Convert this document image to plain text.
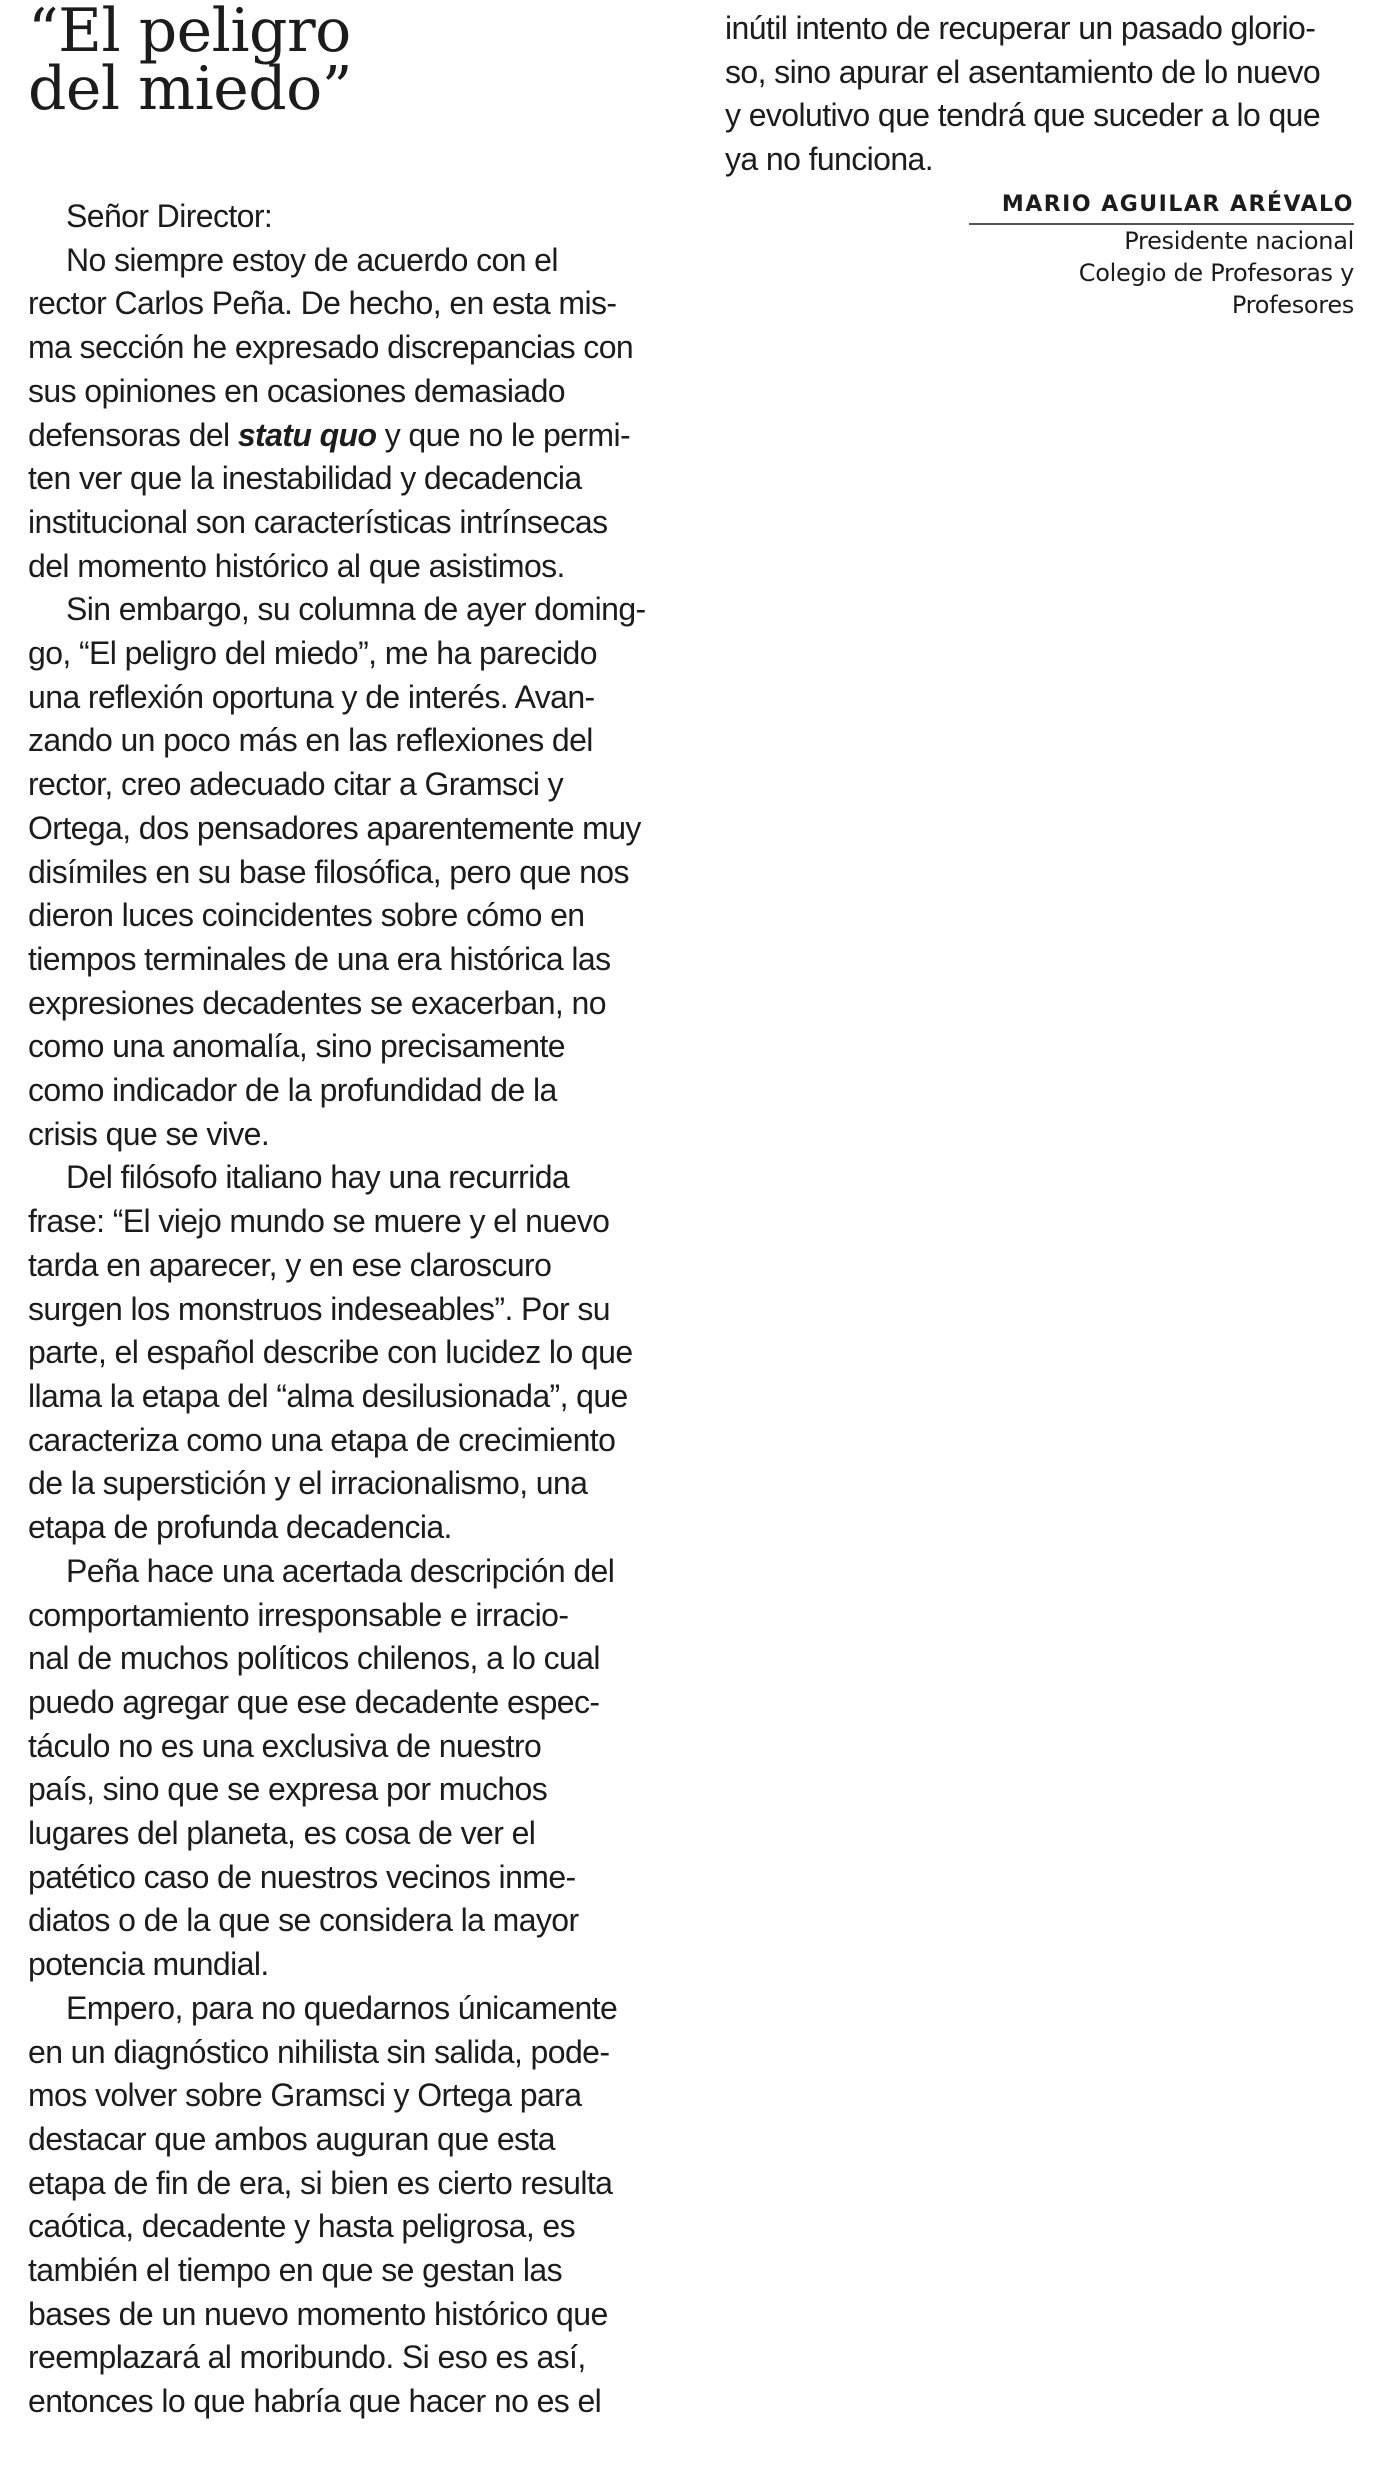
“El peligro
del miedo”
Señor Director:
No siempre estoy de acuerdo con el
rector Carlos Peña. De hecho, en esta mis-
ma sección he expresado discrepancias con
sus opiniones en ocasiones demasiado
defensoras del statu quo y que no le permi-
ten ver que la inestabilidad y decadencia
institucional son características intrínsecas
del momento histórico al que asistimos.
Sin embargo, su columna de ayer doming-
go, “El peligro del miedo”, me ha parecido
una reflexión oportuna y de interés. Avan-
zando un poco más en las reflexiones del
rector, creo adecuado citar a Gramsci y
Ortega, dos pensadores aparentemente muy
disímiles en su base filosófica, pero que nos
dieron luces coincidentes sobre cómo en
tiempos terminales de una era histórica las
expresiones decadentes se exacerban, no
como una anomalía, sino precisamente
como indicador de la profundidad de la
crisis que se vive.
Del filósofo italiano hay una recurrida
frase: “El viejo mundo se muere y el nuevo
tarda en aparecer, y en ese claroscuro
surgen los monstruos indeseables”. Por su
parte, el español describe con lucidez lo que
llama la etapa del “alma desilusionada”, que
caracteriza como una etapa de crecimiento
de la superstición y el irracionalismo, una
etapa de profunda decadencia.
Peña hace una acertada descripción del
comportamiento irresponsable e irracio-
nal de muchos políticos chilenos, a lo cual
puedo agregar que ese decadente espec-
táculo no es una exclusiva de nuestro
país, sino que se expresa por muchos
lugares del planeta, es cosa de ver el
patético caso de nuestros vecinos inme-
diatos o de la que se considera la mayor
potencia mundial.
Empero, para no quedarnos únicamente
en un diagnóstico nihilista sin salida, pode-
mos volver sobre Gramsci y Ortega para
destacar que ambos auguran que esta
etapa de fin de era, si bien es cierto resulta
caótica, decadente y hasta peligrosa, es
también el tiempo en que se gestan las
bases de un nuevo momento histórico que
reemplazará al moribundo. Si eso es así,
entonces lo que habría que hacer no es el
inútil intento de recuperar un pasado glorio-
so, sino apurar el asentamiento de lo nuevo
y evolutivo que tendrá que suceder a lo que
ya no funciona.
MARIO AGUILAR ARÉVALO
Presidente nacional
Colegio de Profesoras y Profesores
